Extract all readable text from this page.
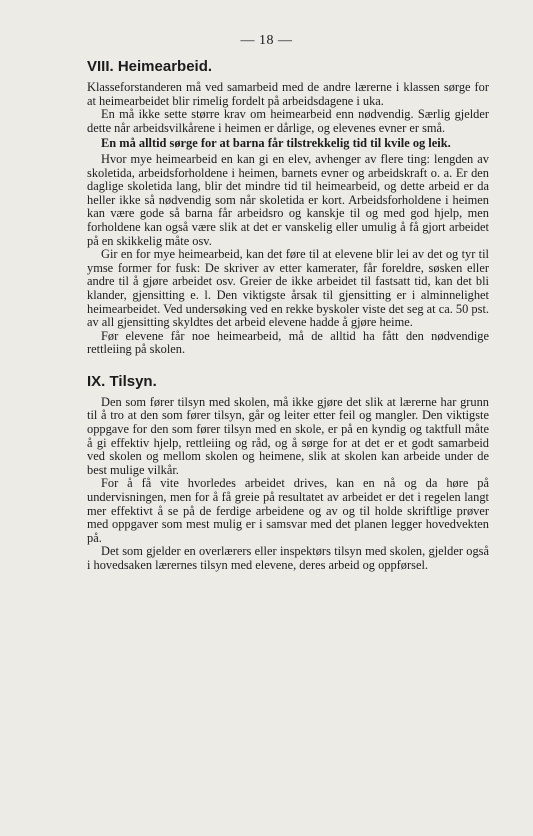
— 18 —
VIII. Heimearbeid.

Klasseforstanderen må ved samarbeid med de andre lærerne i klassen sørge for at heimearbeidet blir rimelig fordelt på arbeidsdagene i uka.

En må ikke sette større krav om heimearbeid enn nødvendig. Særlig gjelder dette når arbeidsvilkårene i heimen er dårlige, og elevenes evner er små.

En må alltid sørge for at barna får tilstrekkelig tid til kvile og leik.

Hvor mye heimearbeid en kan gi en elev, avhenger av flere ting: lengden av skoletida, arbeidsforholdene i heimen, barnets evner og arbeidskraft o. a. Er den daglige skoletida lang, blir det mindre tid til heimearbeid, og dette arbeid er da heller ikke så nødvendig som når skoletida er kort. Arbeidsforholdene i heimen kan være gode så barna får arbeidsro og kanskje til og med god hjelp, men forholdene kan også være slik at det er vanskelig eller umulig å få gjort arbeidet på en skikkelig måte osv.

Gir en for mye heimearbeid, kan det føre til at elevene blir lei av det og tyr til ymse former for fusk: De skriver av etter kamerater, får foreldre, søsken eller andre til å gjøre arbeidet osv. Greier de ikke arbeidet til fastsatt tid, kan det bli klander, gjensitting e. l. Den viktigste årsak til gjensitting er i alminnelighet heimearbeidet. Ved undersøking ved en rekke byskoler viste det seg at ca. 50 pst. av all gjensitting skyldtes det arbeid elevene hadde å gjøre heime.

Før elevene får noe heimearbeid, må de alltid ha fått den nødvendige rettleiing på skolen.

IX. Tilsyn.

Den som fører tilsyn med skolen, må ikke gjøre det slik at lærerne har grunn til å tro at den som fører tilsyn, går og leiter etter feil og mangler. Den viktigste oppgave for den som fører tilsyn med en skole, er på en kyndig og taktfull måte å gi effektiv hjelp, rettleiing og råd, og å sørge for at det er et godt samarbeid ved skolen og mellom skolen og heimene, slik at skolen kan arbeide under de best mulige vilkår.

For å få vite hvorledes arbeidet drives, kan en nå og da høre på undervisningen, men for å få greie på resultatet av arbeidet er det i regelen langt mer effektivt å se på de ferdige arbeidene og av og til holde skriftlige prøver med oppgaver som mest mulig er i samsvar med det planen legger hovedvekten på.

Det som gjelder en overlærers eller inspektørs tilsyn med skolen, gjelder også i hovedsaken lærernes tilsyn med elevene, deres arbeid og oppførsel.
